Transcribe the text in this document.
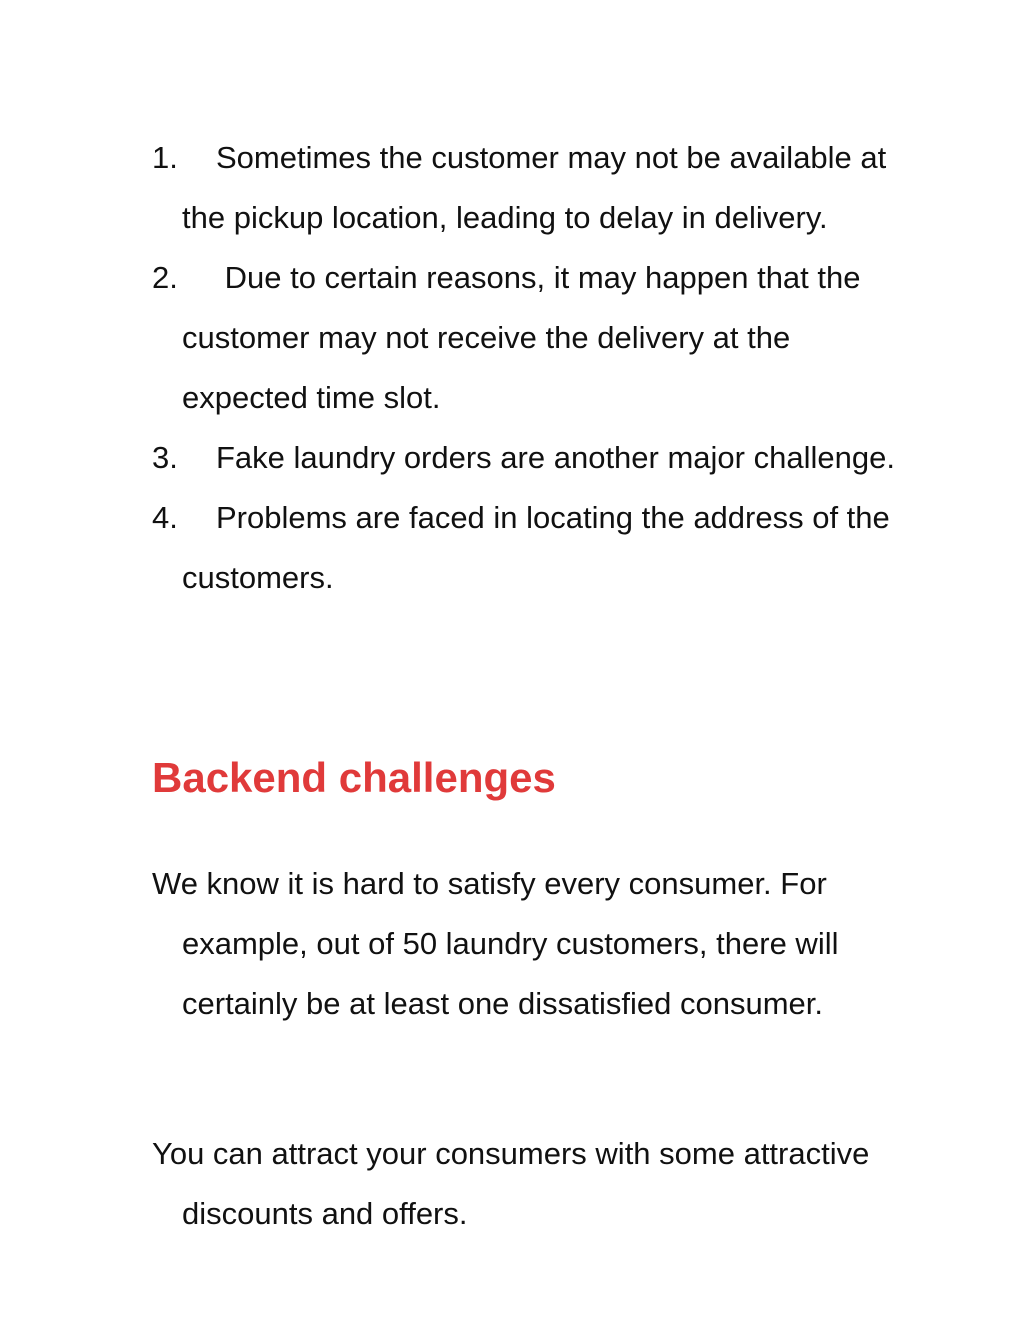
1. Sometimes the customer may not be available at the pickup location, leading to delay in delivery.
2. Due to certain reasons, it may happen that the customer may not receive the delivery at the expected time slot.
3. Fake laundry orders are another major challenge.
4. Problems are faced in locating the address of the customers.
Backend challenges

We know it is hard to satisfy every consumer. For example, out of 50 laundry customers, there will certainly be at least one dissatisfied consumer.

You can attract your consumers with some attractive discounts and offers.
